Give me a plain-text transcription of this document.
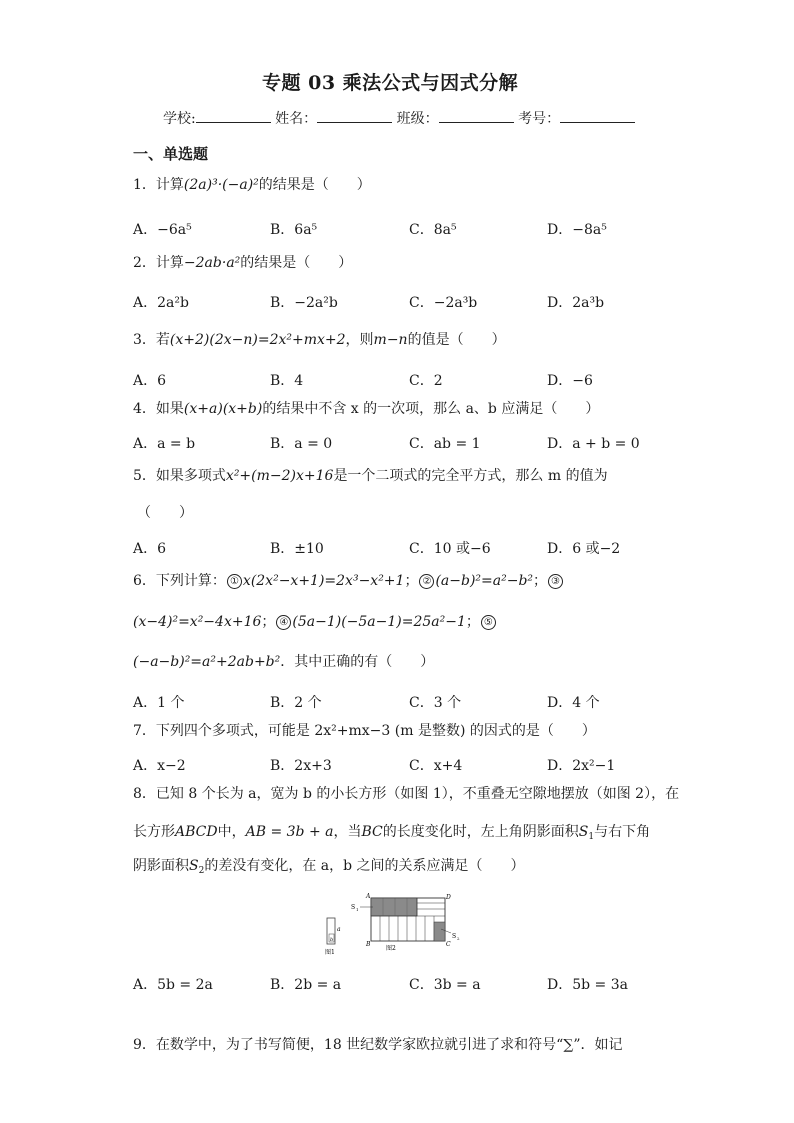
专题 03 乘法公式与因式分解
学校:	姓名：	班级：	考号：
一、单选题
1．计算(2a)³·(−a)²的结果是（　　）
A．−6a⁵	B．6a⁵	C．8a⁵	D．−8a⁵
2．计算−2ab·a²的结果是（　　）
A．2a²b	B．−2a²b	C．−2a³b	D．2a³b
3．若(x+2)(2x−n)=2x²+mx+2，则m−n的值是（　　）
A．6	B．4	C．2	D．−6
4．如果(x+a)(x+b)的结果中不含 x 的一次项，那么 a、b 应满足（　　）
A．a = b	B．a = 0	C．ab = 1	D．a + b = 0
5．如果多项式x²+(m−2)x+16是一个二项式的完全平方式，那么 m 的值为
（　　）
A．6	B．±10	C．10 或−6	D．6 或−2
6．下列计算： ① x(2x²−x+1)=2x³−x²+1； ② (a−b)²=a²−b²； ③
(x−4)²=x²−4x+16； ④ (5a−1)(−5a−1)=25a²−1； ⑤
(−a−b)²=a²+2ab+b²．其中正确的有（　　）
A．1 个	B．2 个	C．3 个	D．4 个
7．下列四个多项式，可能是 2x²+mx−3 (m 是整数) 的因式的是（　　）
A．x−2	B．2x+3	C．x+4	D．2x²−1
8．已知 8 个长为 a，宽为 b 的小长方形（如图 1），不重叠无空隙地摆放（如图 2），在
长方形ABCD中，AB = 3b + a，当BC的长度变化时，左上角阴影面积$S_1$与右下角
阴影面积$S_2$的差没有变化，在 a，b 之间的关系应满足（　　）
a
b
图1
A	D
B	C
S 1
S 2
图2
A．5b = 2a	B．2b = a	C．3b = a	D．5b = 3a
9．在数学中，为了书写简便，18 世纪数学家欧拉就引进了求和符号“∑”．如记
